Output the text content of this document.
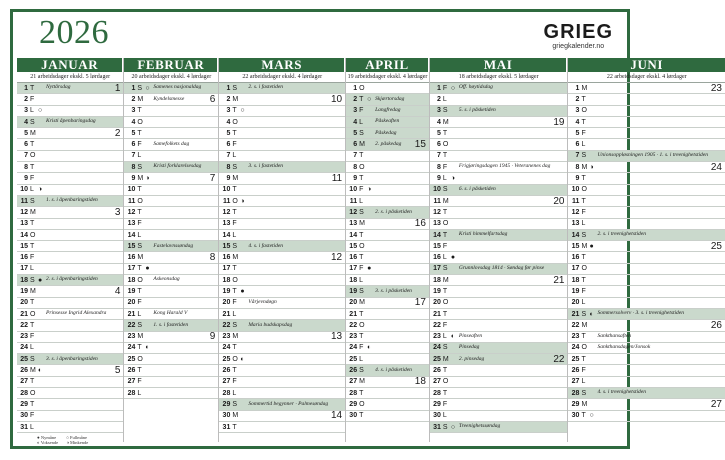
2026	GRIEG
griegkalender.no
JANUAR
21 arbeidsdager ekskl. 5 lørdager
1 T	Nyttårsdag	1
2 F
3 L ○
4 S	Kristi åpenbaringsdag
5 M	2
6 T
7 O
8 T
9 F
10 L ◑
11 S	1. s. i åpenbaringstiden
12 M	3
13 T
14 O
15 T
16 F
17 L
18 S ● 2. s. i åpenbaringstiden
19 M	4
20 T
21 O	Prinsesse Ingrid Alexandra
22 T
23 F
24 L
25 S	3. s. i åpenbaringstiden
26 M ◐	5
27 T
28 O
29 T
30 F
31 L
FEBRUAR
20 arbeidsdager ekskl. 4 lørdager
1 S ○ Samenes nasjonaldag
2 M	Kyndelsmesse	6
3 T
4 O
5 T
6 F	Samefolkets dag
7 L
8 S	Kristi forklarelsesdag
9 M ◑	7
10 T
11 O
12 T
13 F
14 L
15 S	Fastelavnssøndag
16 M	8
17 T ●
18 O	Askeonsdag
19 T
20 F
21 L	Kong Harald V
22 S	1. s. i fastetiden
23 M	9
24 T ◐
25 O
26 T
27 F
28 L
MARS
22 arbeidsdager ekskl. 4 lørdager
1 S	2. s. i fastetiden
2 M	10
3 T ○
4 O
5 T
6 F
7 L
8 S	3. s. i fastetiden
9 M	11
10 T
11 O ◑
12 T
13 F
14 L
15 S	4. s. i fastetiden
16 M	12
17 T
18 O
19 T ●
20 F	Vårjevndøgn
21 L
22 S	Maria budskapsdag
23 M	13
24 T
25 O ◐
26 T
27 F
28 L
29 S	Sommertid begynner · Palmesøndag
30 M	14
31 T
APRIL
19 arbeidsdager ekskl. 4 lørdager
1 O
2 T ○ Skjærtorsdag
3 F	Langfredag
4 L	Påskeaften
5 S	Påskedag
6 M	2. påskedag	15
7 T
8 O
9 T
10 F ◑
11 L
12 S	2. s. i påsketiden
13 M	16
14 T
15 O
16 T
17 F ●
18 L
19 S	3. s. i påsketiden
20 M	17
21 T
22 O
23 T
24 F ◐
25 L
26 S	4. s. i påsketiden
27 M	18
28 T
29 O
30 T
MAI
18 arbeidsdager ekskl. 5 lørdager
1 F ○ Off. høytidsdag
2 L
3 S	5. s. i påsketiden
4 M	19
5 T
6 O
7 T
8 F	Frigjøringsdagen 1945 · Veteranenes dag
9 L ◑
10 S	6. s. i påsketiden
11 M	20
12 T
13 O
14 T	Kristi himmelfartsdag
15 F
16 L ●
17 S	Grunnlovsdag 1814 · Søndag før pinse
18 M	21
19 T
20 O
21 T
22 F
23 L ◐ Pinseaften
24 S	Pinsedag
25 M	2. pinsedag	22
26 T
27 O
28 T
29 F
30 L
31 S ○ Treenighetssøndag
JUNI
22 arbeidsdager ekskl. 4 lørdager
1 M	23
2 T
3 O
4 T
5 F
6 L
7 S	Unionsoppløsningen 1905 · 1. s. i treenighetstiden
8 M ◑	24
9 T
10 O
11 T
12 F
13 L
14 S	2. s. i treenighetstiden
15 M ●	25
16 T
17 O
18 T
19 F
20 L
21 S ◐ Sommersolverv · 3. s. i treenighetstiden
22 M	26
23 T	Sankthansaften
24 O	Sankthansdagen/Jonsok
25 T
26 F
27 L
28 S	4. s. i treenighetstiden
29 M	27
30 T ○
● Nymåne	○ Fullmåne
◐ Voksende ◑ Minkende
